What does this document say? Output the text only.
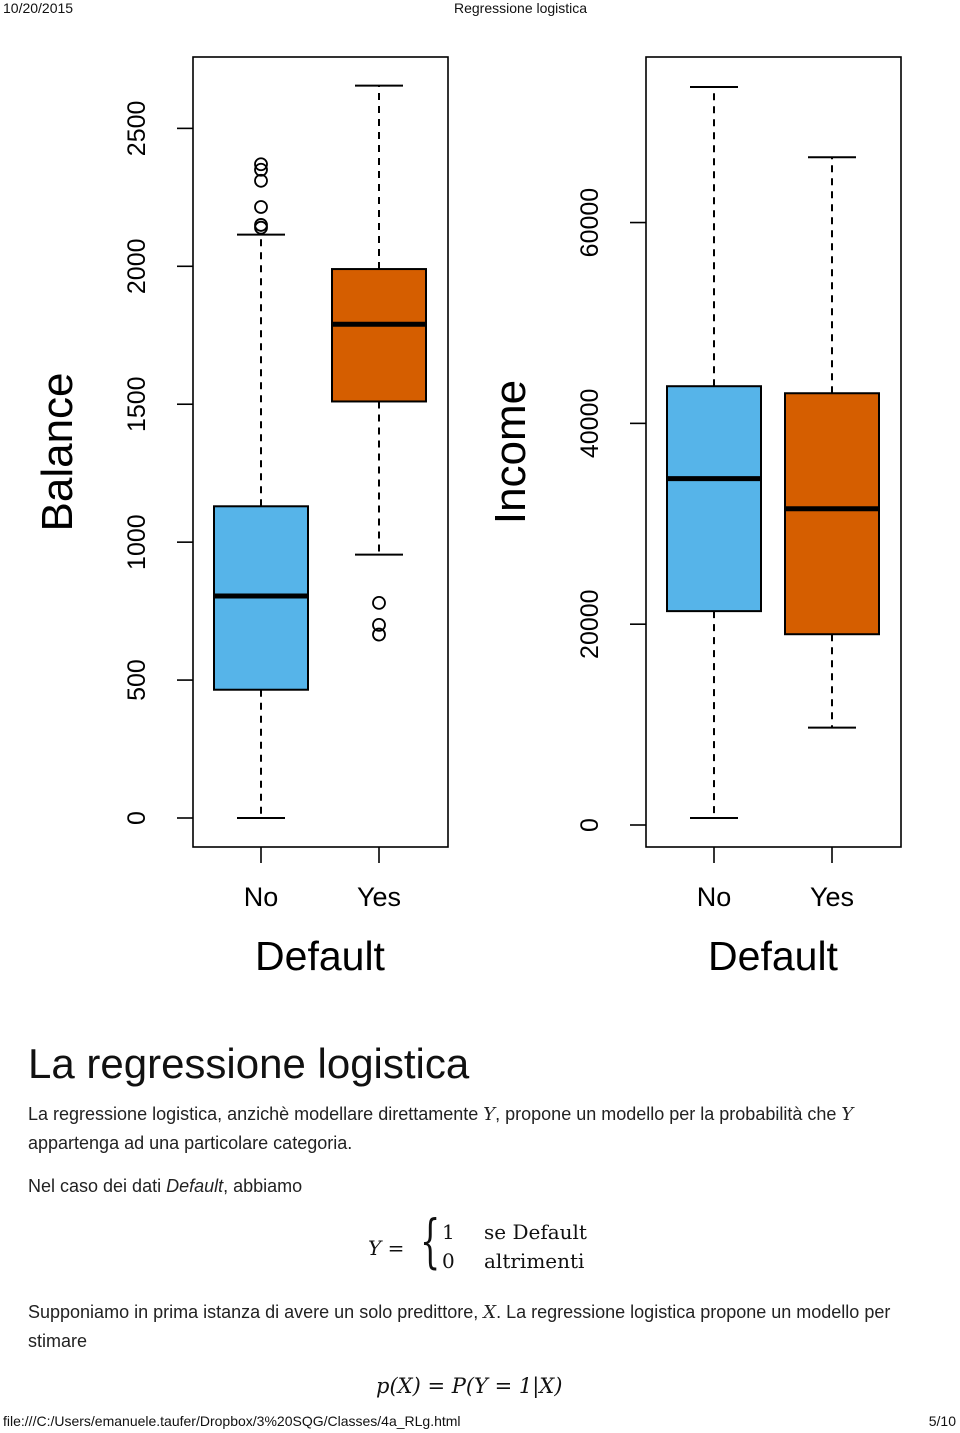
10/20/2015	Regressione logistica
0
500
1000
1500
2000
2500
Balance
No	Yes
Default
0
20000
40000
60000
Income
No	Yes
Default
La regressione logistica

La regressione logistica, anzichè modellare direttamente Y, propone un modello per la probabilità che Y appartenga ad una particolare categoria.

Nel caso dei dati Default, abbiamo

Y = { 1 se Default
0 altrimenti

Supponiamo in prima istanza di avere un solo predittore, X. La regressione logistica propone un modello per stimare

p(X) = P(Y = 1|X)
file:///C:/Users/emanuele.taufer/Dropbox/3%20SQG/Classes/4a_RLg.html	5/10
